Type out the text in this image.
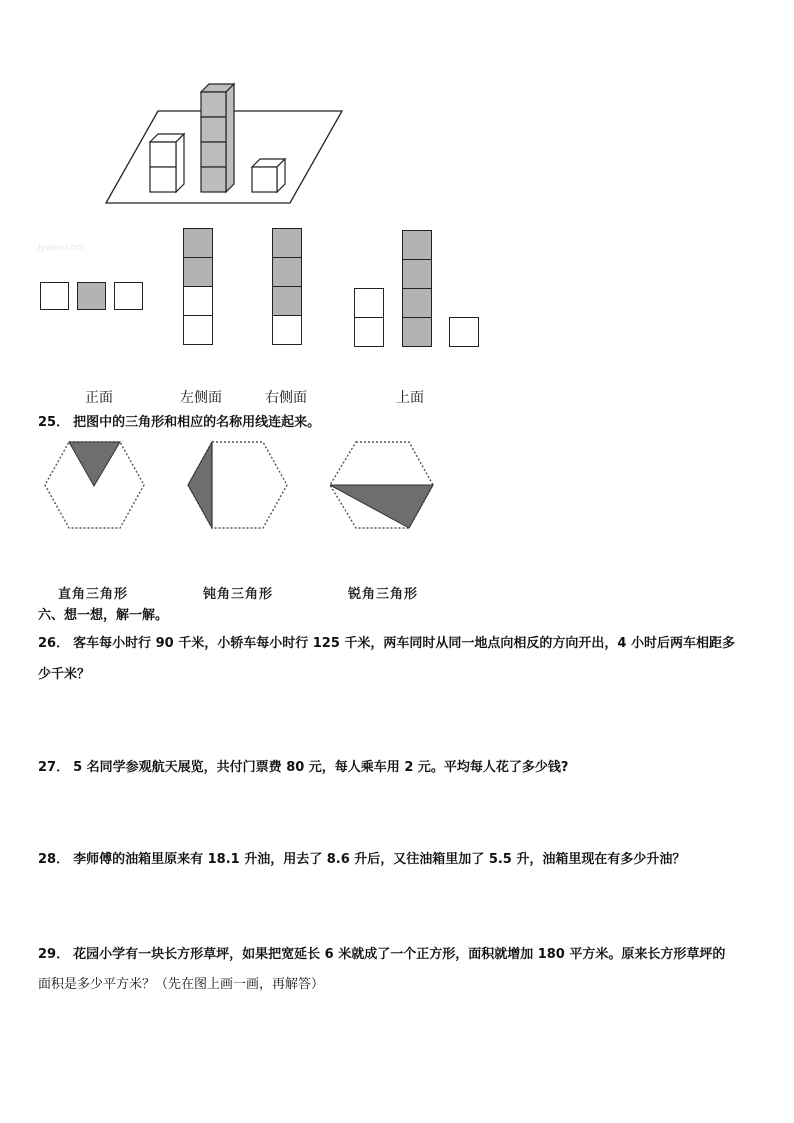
Jyeoo.com
正面	左侧面	右侧面	上面
25． 把图中的三角形和相应的名称用线连起来。
直角三角形	钝角三角形	锐角三角形
六、想一想，解一解。
26． 客车每小时行 90 千米，小轿车每小时行 125 千米，两车同时从同一地点向相反的方向开出，4 小时后两车相距多
少千米？
27． 5 名同学参观航天展览，共付门票费 80 元，每人乘车用 2 元。平均每人花了多少钱?
28． 李师傅的油箱里原来有 18.1 升油，用去了 8.6 升后，又往油箱里加了 5.5 升，油箱里现在有多少升油？
29． 花园小学有一块长方形草坪，如果把宽延长 6 米就成了一个正方形，面积就增加 180 平方米。原来长方形草坪的
面积是多少平方米？（先在图上画一画，再解答）
